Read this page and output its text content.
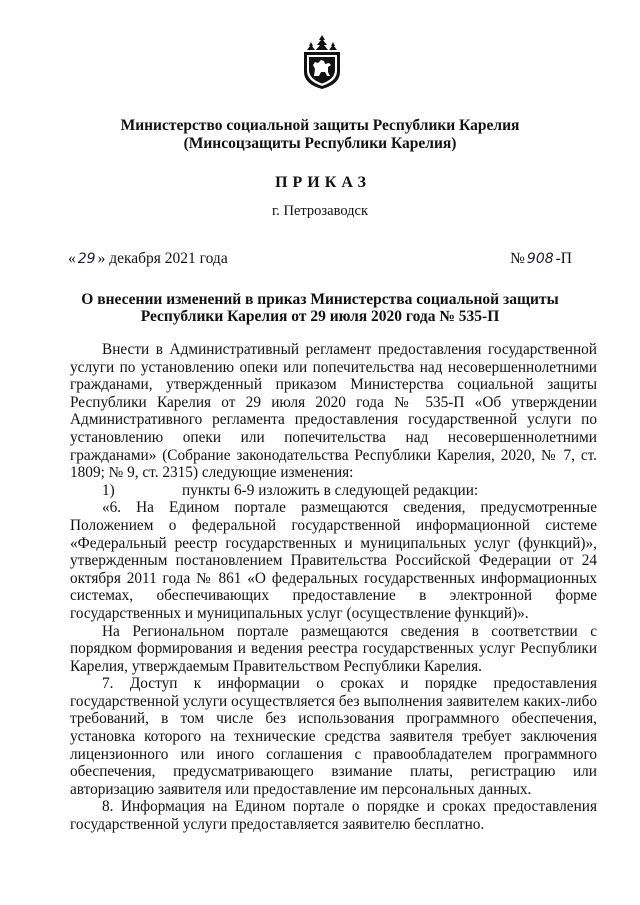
Министерство социальной защиты Республики Карелия
(Минсоцзащиты Республики Карелия)
ПРИКАЗ
г. Петрозаводск
« 29 » декабря 2021 года	№ 908 -П
О внесении изменений в приказ Министерства социальной защиты
Республики Карелия от 29 июля 2020 года № 535-П

Внести в Административный регламент предоставления государственной
услуги по установлению опеки или попечительства над несовершеннолетними
гражданами, утвержденный приказом Министерства социальной защиты
Республики Карелия от 29 июля 2020 года № 535-П «Об утверждении
Административного регламента предоставления государственной услуги по
установлению опеки или попечительства над несовершеннолетними
гражданами» (Собрание законодательства Республики Карелия, 2020, № 7, ст.
1809; № 9, ст. 2315) следующие изменения:

1)	пункты 6-9 изложить в следующей редакции:

«6. На Едином портале размещаются сведения, предусмотренные
Положением о федеральной государственной информационной системе
«Федеральный реестр государственных и муниципальных услуг (функций)»,
утвержденным постановлением Правительства Российской Федерации от 24
октября 2011 года № 861 «О федеральных государственных информационных
системах, обеспечивающих предоставление в электронной форме
государственных и муниципальных услуг (осуществление функций)».

На Региональном портале размещаются сведения в соответствии с
порядком формирования и ведения реестра государственных услуг Республики
Карелия, утверждаемым Правительством Республики Карелия.

7. Доступ к информации о сроках и порядке предоставления
государственной услуги осуществляется без выполнения заявителем каких-либо
требований, в том числе без использования программного обеспечения,
установка которого на технические средства заявителя требует заключения
лицензионного или иного соглашения с правообладателем программного
обеспечения, предусматривающего взимание платы, регистрацию или
авторизацию заявителя или предоставление им персональных данных.

8. Информация на Едином портале о порядке и сроках предоставления
государственной услуги предоставляется заявителю бесплатно.
